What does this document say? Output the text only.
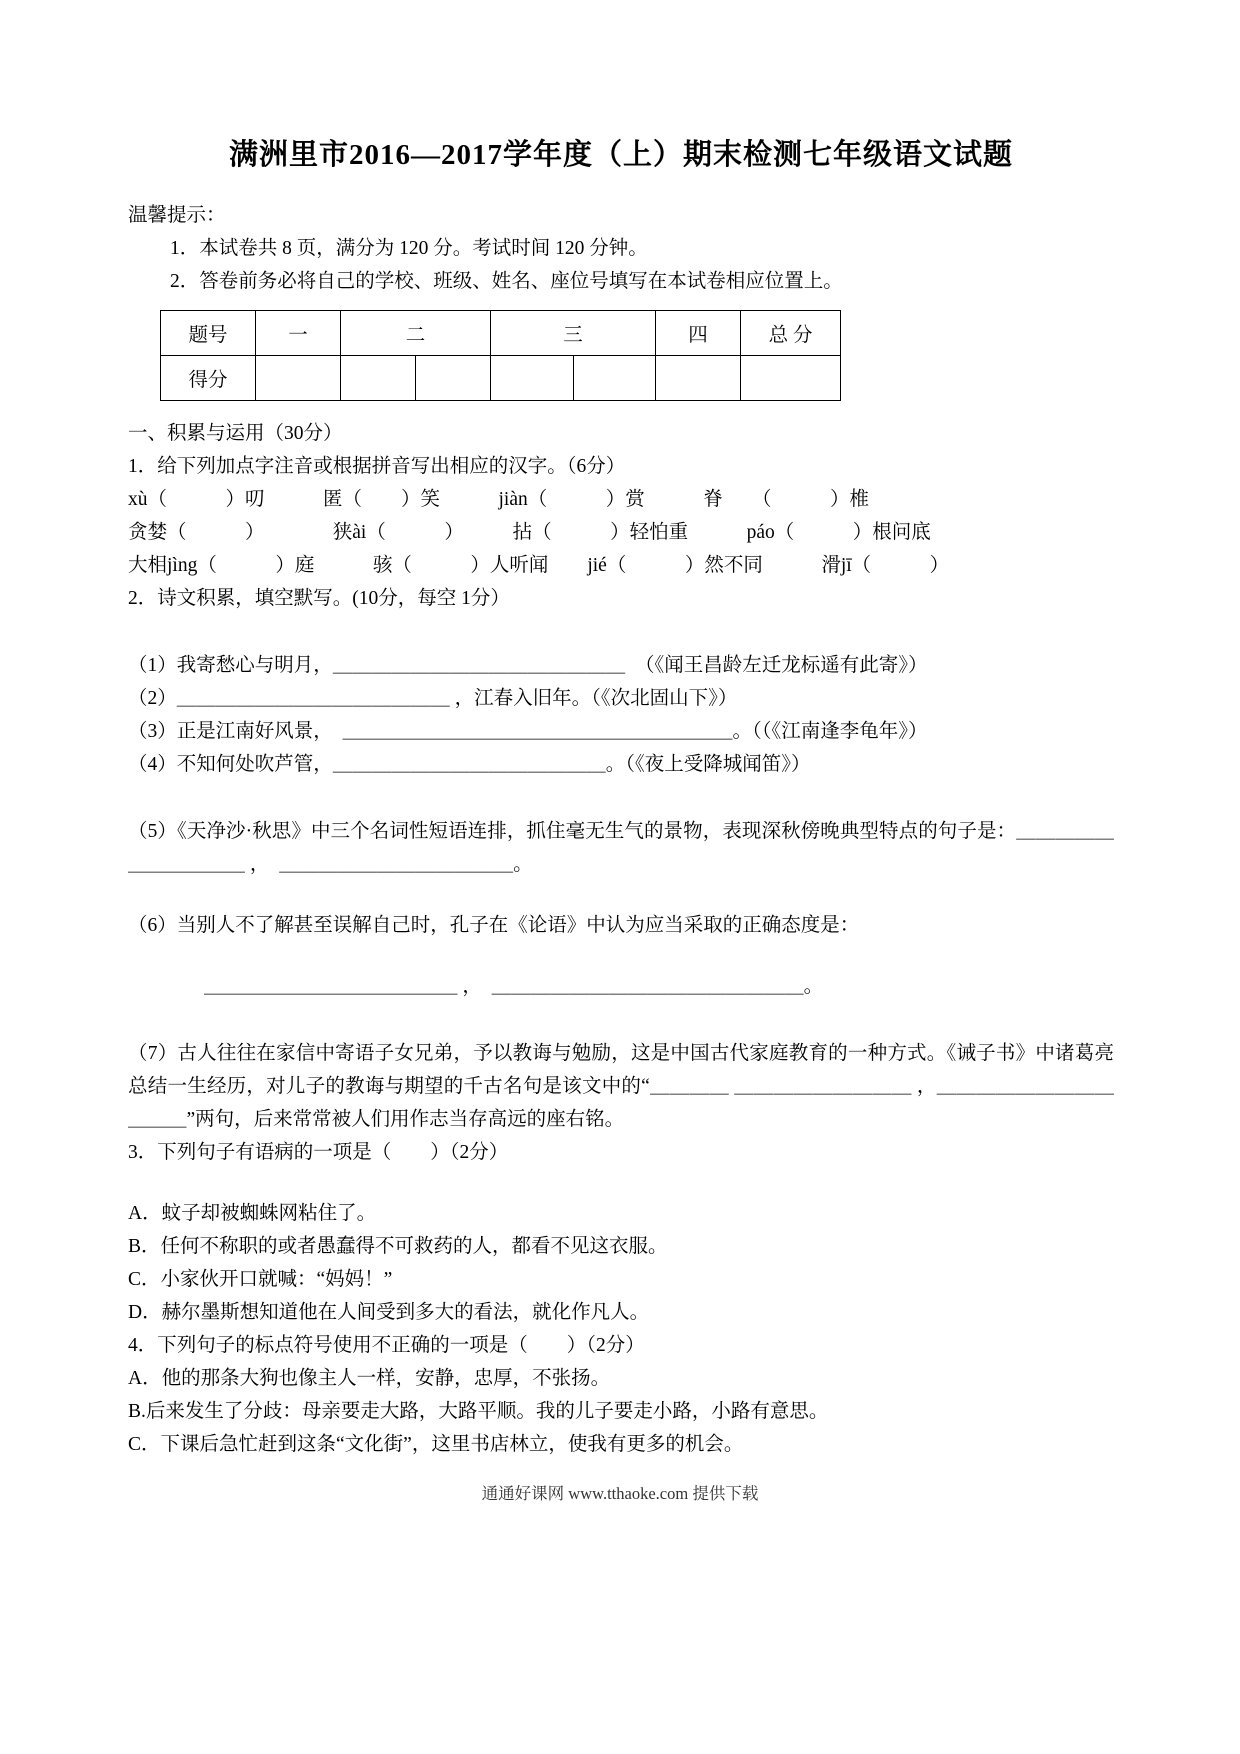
满洲里市2016—2017学年度（上）期末检测七年级语文试题

温馨提示：

1．本试卷共 8 页，满分为 120 分。考试时间 120 分钟。

2．答卷前务必将自己的学校、班级、姓名、座位号填写在本试卷相应位置上。

题号	一	二		三		四	总 分
得分							

一、积累与运用（30分）

1．给下列加点字注音或根据拼音写出相应的汉字。（6分）

xù（　　　）叨　　　匿（　　）笑　　　jiàn（　　　）赏　　　脊　　（　　　）椎

贪婪（　　　）　　　　狭ài（　　　）　　　拈（　　　）轻怕重　　　páo（　　　）根问底

大相jìng（　　　）庭　　　骇（　　　）人听闻　　jié（　　　）然不同　　　滑jī（　　　）

2．诗文积累，填空默写。(10分，每空 1分）

（1）我寄愁心与明月，＿＿＿＿＿＿＿＿＿＿＿＿＿＿＿　（《闻王昌龄左迁龙标遥有此寄》）

（2）＿＿＿＿＿＿＿＿＿＿＿＿＿＿ ，江春入旧年。（《次北固山下》）

（3）正是江南好风景，　＿＿＿＿＿＿＿＿＿＿＿＿＿＿＿＿＿＿＿＿。（（《江南逢李龟年》）

（4）不知何处吹芦管，＿＿＿＿＿＿＿＿＿＿＿＿＿＿。（《夜上受降城闻笛》）

（5）《天净沙·秋思》中三个名词性短语连排，抓住毫无生气的景物，表现深秋傍晚典型特点的句子是：＿＿＿＿＿＿＿＿＿＿＿ ，　＿＿＿＿＿＿＿＿＿＿＿＿。

（6）当别人不了解甚至误解自己时，孔子在《论语》中认为应当采取的正确态度是：

＿＿＿＿＿＿＿＿＿＿＿＿＿ ，　＿＿＿＿＿＿＿＿＿＿＿＿＿＿＿＿。

（7）古人往往在家信中寄语子女兄弟，予以教诲与勉励，这是中国古代家庭教育的一种方式。《诫子书》中诸葛亮总结一生经历，对儿子的教诲与期望的千古名句是该文中的“＿＿＿＿ ＿＿＿＿＿＿＿＿＿ ，＿＿＿＿＿＿＿＿＿＿＿＿”两句，后来常常被人们用作志当存高远的座右铭。

3．下列句子有语病的一项是（　　）（2分）

A．蚊子却被蜘蛛网粘住了。

B．任何不称职的或者愚蠢得不可救药的人，都看不见这衣服。

C．小家伙开口就喊：“妈妈！”

D．赫尔墨斯想知道他在人间受到多大的看法，就化作凡人。

4．下列句子的标点符号使用不正确的一项是（　　）（2分）

A．他的那条大狗也像主人一样，安静，忠厚，不张扬。

B.后来发生了分歧：母亲要走大路，大路平顺。我的儿子要走小路，小路有意思。

C．下课后急忙赶到这条“文化街”，这里书店林立，使我有更多的机会。

通通好课网 www.tthaoke.com 提供下载
